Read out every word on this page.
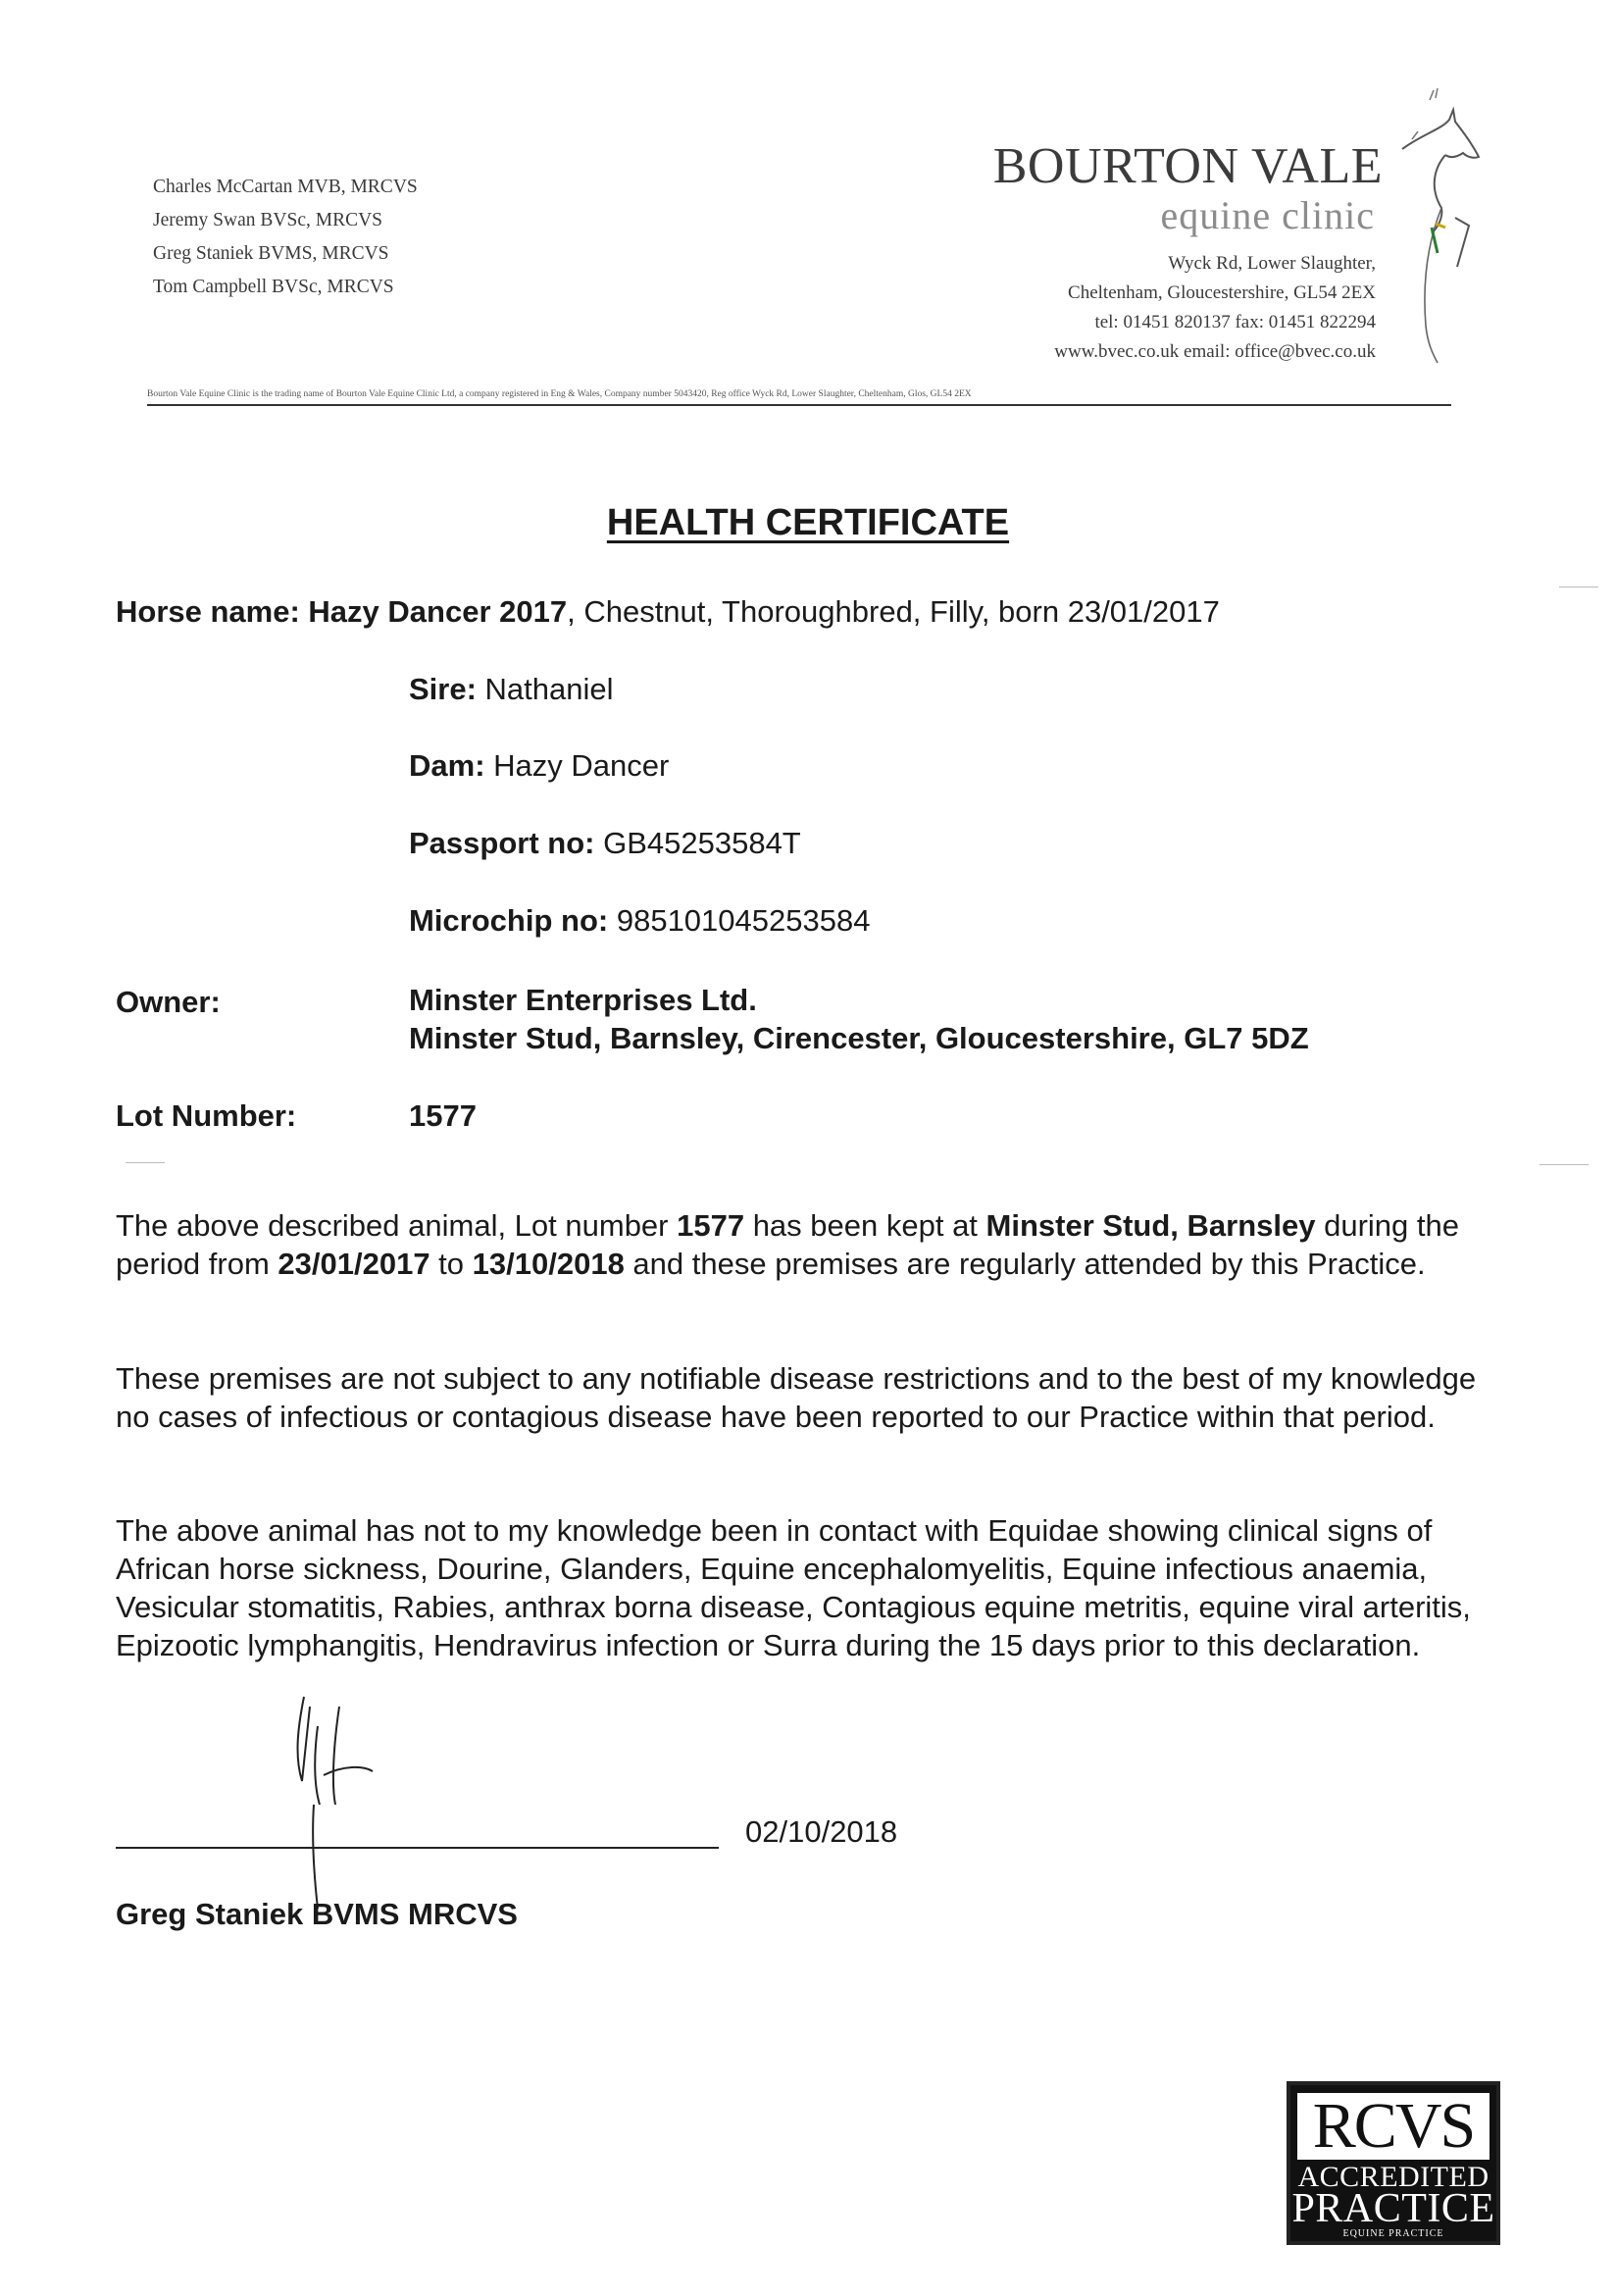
Charles McCartan MVB, MRCVS
Jeremy Swan BVSc, MRCVS
Greg Staniek BVMS, MRCVS
Tom Campbell BVSc, MRCVS
BOURTON VALE
equine clinic
Wyck Rd, Lower Slaughter,
Cheltenham, Gloucestershire, GL54 2EX
tel: 01451 820137 fax: 01451 822294
www.bvec.co.uk email: office@bvec.co.uk
Bourton Vale Equine Clinic is the trading name of Bourton Vale Equine Clinic Ltd, a company registered in Eng & Wales, Company number 5043420, Reg office Wyck Rd, Lower Slaughter, Cheltenham, Glos, GL54 2EX
HEALTH CERTIFICATE
Horse name: Hazy Dancer 2017, Chestnut, Thoroughbred, Filly, born 23/01/2017
Sire: Nathaniel
Dam: Hazy Dancer
Passport no: GB45253584T
Microchip no: 985101045253584
Owner:	Minster Enterprises Ltd.
Minster Stud, Barnsley, Cirencester, Gloucestershire, GL7 5DZ
Lot Number:	1577
The above described animal, Lot number 1577 has been kept at Minster Stud, Barnsley during the period from 23/01/2017 to 13/10/2018 and these premises are regularly attended by this Practice.
These premises are not subject to any notifiable disease restrictions and to the best of my knowledge no cases of infectious or contagious disease have been reported to our Practice within that period.
The above animal has not to my knowledge been in contact with Equidae showing clinical signs of African horse sickness, Dourine, Glanders, Equine encephalomyelitis, Equine infectious anaemia, Vesicular stomatitis, Rabies, anthrax borna disease, Contagious equine metritis, equine viral arteritis, Epizootic lymphangitis, Hendravirus infection or Surra during the 15 days prior to this declaration.
02/10/2018
Greg Staniek BVMS MRCVS
RCVS
ACCREDITED
PRACTICE
EQUINE PRACTICE
